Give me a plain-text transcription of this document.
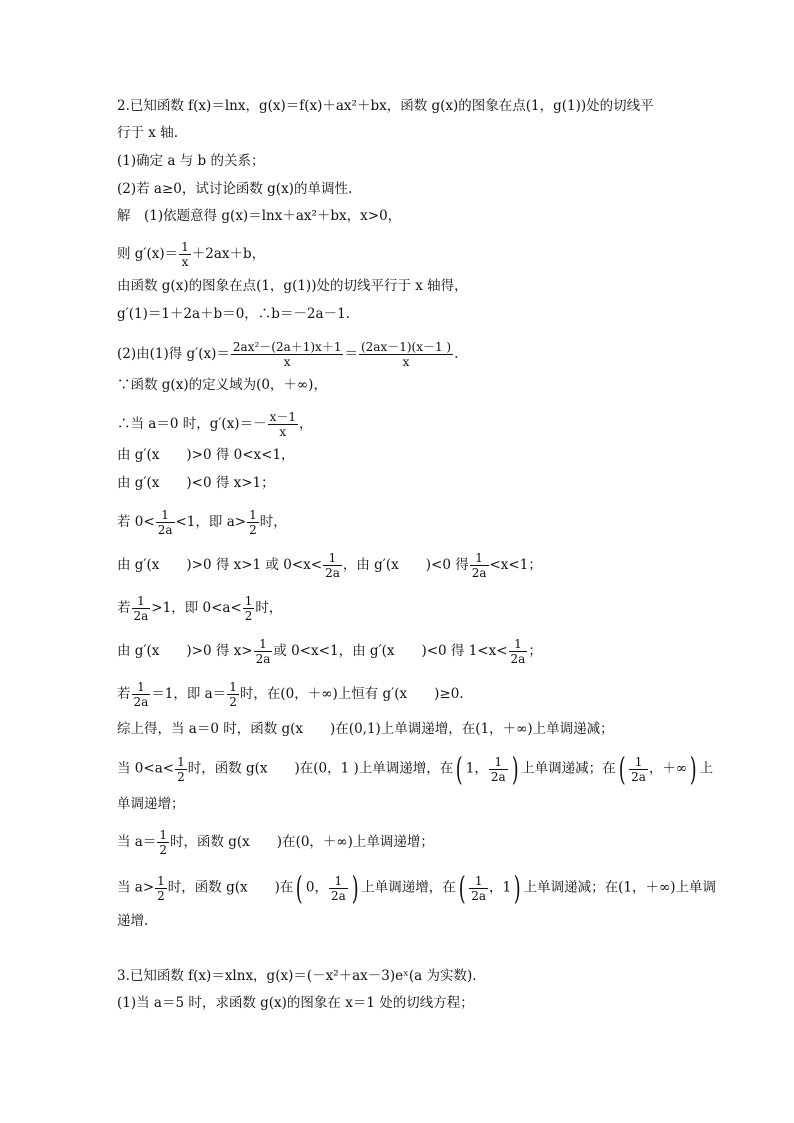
2.已知函数 f(x)＝lnx，g(x)＝f(x)＋ax²＋bx，函数 g(x)的图象在点(1，g(1))处的切线平
行于 x 轴.
(1)确定 a 与 b 的关系；
(2)若 a≥0，试讨论函数 g(x)的单调性.
解　(1)依题意得 g(x)＝lnx＋ax²＋bx，x>0，
则 $g'(x)= \frac{1}{x} +2ax+b$，
由函数 g(x)的图象在点(1，g(1))处的切线平行于 x 轴得，
g′(1)＝1＋2a＋b＝0，∴b＝－2a－1.
(2)由(1)得 $g'(x)= \frac{\text{2ax²－(2a＋1)x＋1}}{x} = \frac{(2ax-1)(x-1 )}{x}$ .
∵函数 g(x)的定义域为(0，＋∞)，
∴当 a＝0 时，$g'(x)=- \frac{x-1}{x}$ ，
由 g′(x　　)>0 得 0<x<1，
由 g′(x　　)<0 得 x>1；
若 $0< \frac{1}{2a} <1$，即 $a> \frac{1}{2}$ 时，
由 g′(x　　)>0 得 x>1 或 $0<x< \frac{1}{2a}$ ，由 g′(x　　)<0 得 $\frac{1}{2a} <x<1$；
若 $\frac{1}{2a} >1$，即 $0<a< \frac{1}{2}$ 时，
由 g′(x　　)>0 得 $x> \frac{1}{2a}$ 或 0<x<1，由 g′(x　　)<0 得 $1<x< \frac{1}{2a}$ ；
若 $\frac{1}{2a} =1$，即 $a= \frac{1}{2}$ 时，在(0，＋∞)上恒有 g′(x　　)≥0.
综上得，当 a＝0 时，函数 g(x　　)在(0,1)上单调递增，在(1，＋∞)上单调递减；
当 $0<a< \frac{1}{2}$ 时，函数 g(x　　)在(0，1 )上单调递增，在( 1， $\frac{1}{2a}$ ) 上单调递减；在( $\frac{1}{2a}$ ，＋∞) 上
单调递增；
当 $a= \frac{1}{2}$ 时，函数 g(x　　)在(0，＋∞)上单调递增；
当 $a> \frac{1}{2}$ 时，函数 g(x　　)在( 0， $\frac{1}{2a}$ ) 上单调递增，在( $\frac{1}{2a}$ ，1) 上单调递减；在(1，＋∞)上单调
递增.
3.已知函数 f(x)＝xlnx，g(x)＝(－x²＋ax－3)eˣ(a 为实数).
(1)当 a＝5 时，求函数 g(x)的图象在 x＝1 处的切线方程；
